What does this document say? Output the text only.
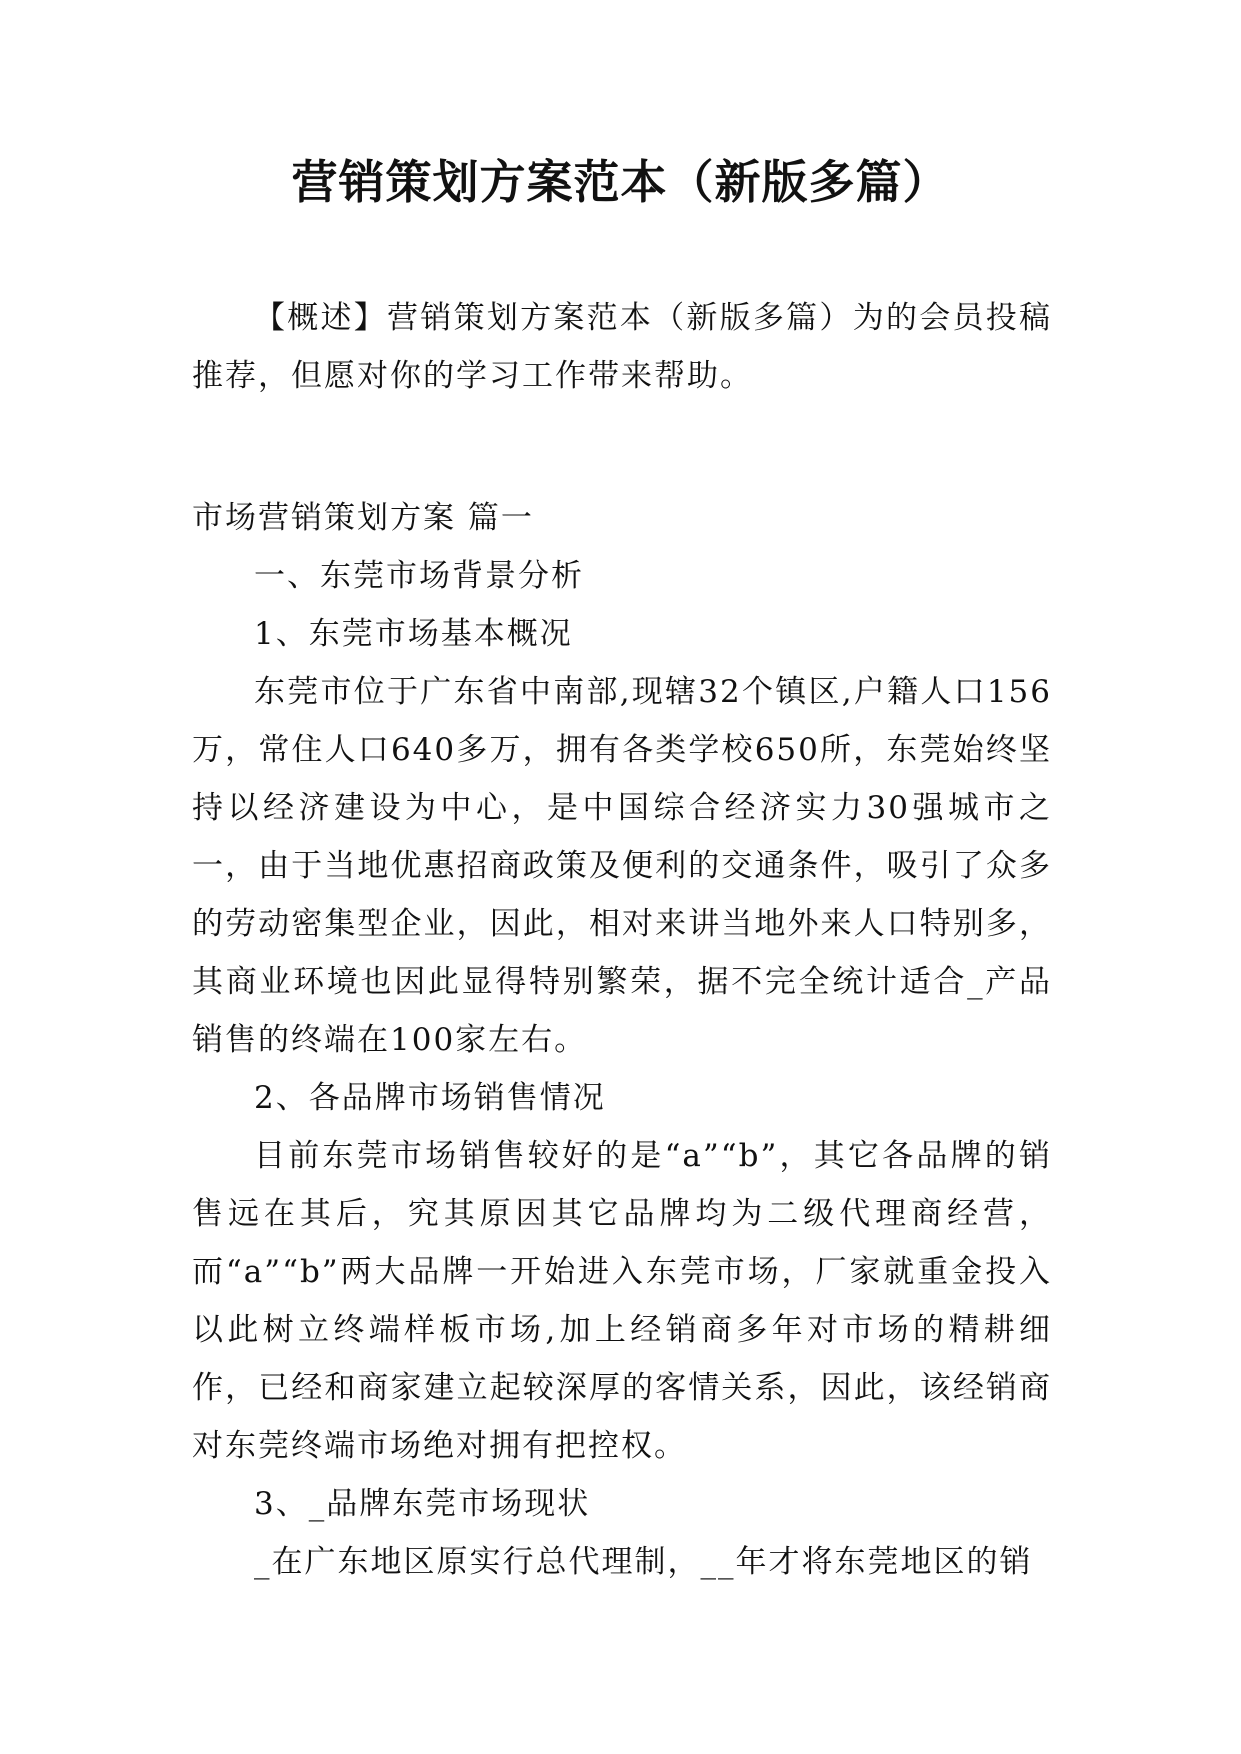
营销策划方案范本（新版多篇）

【概述】营销策划方案范本（新版多篇）为的会员投稿推荐，但愿对你的学习工作带来帮助。

市场营销策划方案 篇一

一、东莞市场背景分析

1、东莞市场基本概况

东莞市位于广东省中南部,现辖32个镇区,户籍人口156万，常住人口640多万，拥有各类学校650所，东莞始终坚持以经济建设为中心，是中国综合经济实力30强城市之一，由于当地优惠招商政策及便利的交通条件，吸引了众多的劳动密集型企业，因此，相对来讲当地外来人口特别多，其商业环境也因此显得特别繁荣，据不完全统计适合_产品销售的终端在100家左右。

2、各品牌市场销售情况

目前东莞市场销售较好的是“a”“b”，其它各品牌的销售远在其后，究其原因其它品牌均为二级代理商经营，而“a”“b”两大品牌一开始进入东莞市场，厂家就重金投入以此树立终端样板市场,加上经销商多年对市场的精耕细作，已经和商家建立起较深厚的客情关系，因此，该经销商对东莞终端市场绝对拥有把控权。

3、_品牌东莞市场现状

_在广东地区原实行总代理制，__年才将东莞地区的销
